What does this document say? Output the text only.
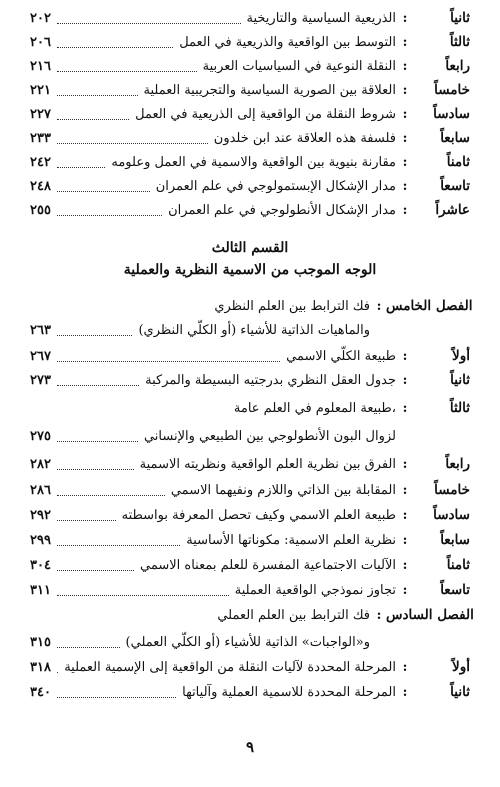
ثانياً
:
الذريعية السياسية والتاريخية
٢٠٢
ثالثاً
:
التوسط بين الواقعية والذريعية في العمل
٢٠٦
رابعاً
:
النقلة النوعية في السياسيات العربية
٢١٦
خامساً
:
العلاقة بين الصورية السياسية والتجريبية العملية
٢٢١
سادساً
:
شروط النقلة من الواقعية إلى الذريعية في العمل
٢٢٧
سابعاً
:
فلسفة هذه العلاقة عند ابن خلدون
٢٣٣
ثامناً
:
مقارنة بنيوية بين الواقعية والاسمية في العمل وعلومه
٢٤٢
تاسعاً
:
مدار الإشكال الإبستمولوجي في علم العمران
٢٤٨
عاشراً
:
مدار الإشكال الأنطولوجي في علم العمران
٢٥٥
القسم الثالث
الوجه الموجب من الاسمية النظرية والعملية
الفصل الخامس
:
فك الترابط بين العلم النظري
والماهيات الذاتية للأشياء (أو الكلّي النظري)
٢٦٣
أولاً
:
طبيعة الكلّي الاسمي
٢٦٧
ثانياً
:
جدول العقل النظري بدرجتيه البسيطة والمركبة
٢٧٣
ثالثاً
:
طبيعة المعلوم في العلم عامة،
لزوال البون الأنطولوجي بين الطبيعي والإنساني
٢٧٥
رابعاً
:
الفرق بين نظرية العلم الواقعية ونظريته الاسمية
٢٨٢
خامساً
:
المقابلة بين الذاتي واللازم ونفيهما الاسمي
٢٨٦
سادساً
:
طبيعة العلم الاسمي وكيف تحصل المعرفة بواسطته
٢٩٢
سابعاً
:
نظرية العلم الاسمية: مكوناتها الأساسية
٢٩٩
ثامناً
:
الآليات الاجتماعية المفسرة للعلم بمعناه الاسمي
٣٠٤
تاسعاً
:
تجاوز نموذجي الواقعية العملية
٣١١
الفصل السادس
:
فك الترابط بين العلم العملي
و«الواجبات» الذاتية للأشياء (أو الكلّي العملي)
٣١٥
أولاً
:
المرحلة المحددة لآليات النقلة من الواقعية إلى الإسمية العملية
٣١٨
ثانياً
:
المرحلة المحددة للاسمية العملية وآلياتها
٣٤٠
٩
